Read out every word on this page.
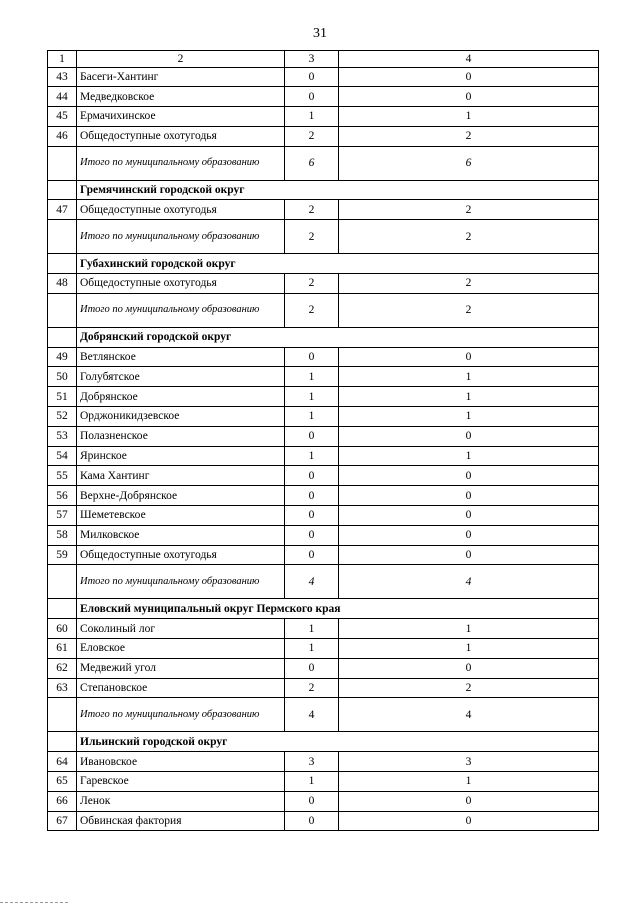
31
1	2	3	4
43	Басеги-Хантинг	0	0
44	Медведковское	0	0
45	Ермачихинское	1	1
46	Общедоступные охотугодья	2	2
	Итого по муниципальному образованию	6	6
	Гремячинский городской округ		
47	Общедоступные охотугодья	2	2
	Итого по муниципальному образованию	2	2
	Губахинский городской округ		
48	Общедоступные охотугодья	2	2
	Итого по муниципальному образованию	2	2
	Добрянский городской округ		
49	Ветлянское	0	0
50	Голубятское	1	1
51	Добрянское	1	1
52	Орджоникидзевское	1	1
53	Полазненское	0	0
54	Яринское	1	1
55	Кама Хантинг	0	0
56	Верхне-Добрянское	0	0
57	Шеметевское	0	0
58	Милковское	0	0
59	Общедоступные охотугодья	0	0
	Итого по муниципальному образованию	4	4
	Еловский муниципальный округ Пермского края		
60	Соколиный лог	1	1
61	Еловское	1	1
62	Медвежий угол	0	0
63	Степановское	2	2
	Итого по муниципальному образованию	4	4
	Ильинский городской округ		
64	Ивановское	3	3
65	Гаревское	1	1
66	Ленок	0	0
67	Обвинская фактория	0	0
